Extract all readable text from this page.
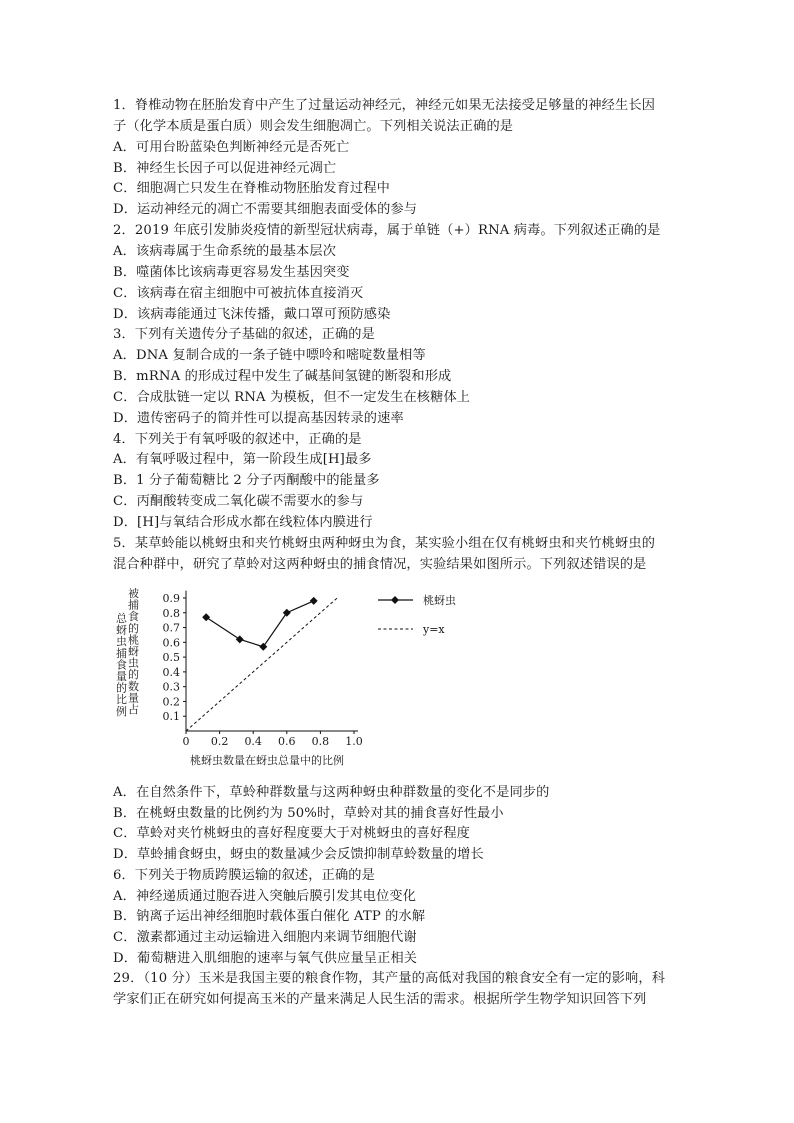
1．脊椎动物在胚胎发育中产生了过量运动神经元，神经元如果无法接受足够量的神经生长因
子（化学本质是蛋白质）则会发生细胞凋亡。下列相关说法正确的是
A．可用台盼蓝染色判断神经元是否死亡
B．神经生长因子可以促进神经元凋亡
C．细胞凋亡只发生在脊椎动物胚胎发育过程中
D．运动神经元的凋亡不需要其细胞表面受体的参与
2．2019 年底引发肺炎疫情的新型冠状病毒，属于单链（+）RNA 病毒。下列叙述正确的是
A．该病毒属于生命系统的最基本层次
B．噬菌体比该病毒更容易发生基因突变
C．该病毒在宿主细胞中可被抗体直接消灭
D．该病毒能通过飞沫传播，戴口罩可预防感染
3．下列有关遗传分子基础的叙述，正确的是
A．DNA 复制合成的一条子链中嘌呤和嘧啶数量相等
B．mRNA 的形成过程中发生了碱基间氢键的断裂和形成
C．合成肽链一定以 RNA 为模板，但不一定发生在核糖体上
D．遗传密码子的简并性可以提高基因转录的速率
4．下列关于有氧呼吸的叙述中，正确的是
A．有氧呼吸过程中，第一阶段生成[H]最多
B．1 分子葡萄糖比 2 分子丙酮酸中的能量多
C．丙酮酸转变成二氧化碳不需要水的参与
D．[H]与氧结合形成水都在线粒体内膜进行
5．某草蛉能以桃蚜虫和夹竹桃蚜虫两种蚜虫为食，某实验小组在仅有桃蚜虫和夹竹桃蚜虫的
混合种群中，研究了草蛉对这两种蚜虫的捕食情况，实验结果如图所示。下列叙述错误的是
被
捕
食
的
桃
蚜
虫
的
数
量
占
总
蚜
虫
捕
食
量
的
比
例
0 0.2 0.4 0.6 0.8 1.0
0.1
0.2
0.3
0.4
0.5
0.6
0.7
0.8
0.9	桃蚜虫
y=x
桃蚜虫数量在蚜虫总量中的比例
A．在自然条件下，草蛉种群数量与这两种蚜虫种群数量的变化不是同步的
B．在桃蚜虫数量的比例约为 50%时，草蛉对其的捕食喜好性最小
C．草蛉对夹竹桃蚜虫的喜好程度要大于对桃蚜虫的喜好程度
D．草蛉捕食蚜虫，蚜虫的数量减少会反馈抑制草蛉数量的增长
6．下列关于物质跨膜运输的叙述，正确的是
A．神经递质通过胞吞进入突触后膜引发其电位变化
B．钠离子运出神经细胞时载体蛋白催化 ATP 的水解
C．激素都通过主动运输进入细胞内来调节细胞代谢
D．葡萄糖进入肌细胞的速率与氧气供应量呈正相关
29．（10 分）玉米是我国主要的粮食作物，其产量的高低对我国的粮食安全有一定的影响，科
学家们正在研究如何提高玉米的产量来满足人民生活的需求。根据所学生物学知识回答下列
